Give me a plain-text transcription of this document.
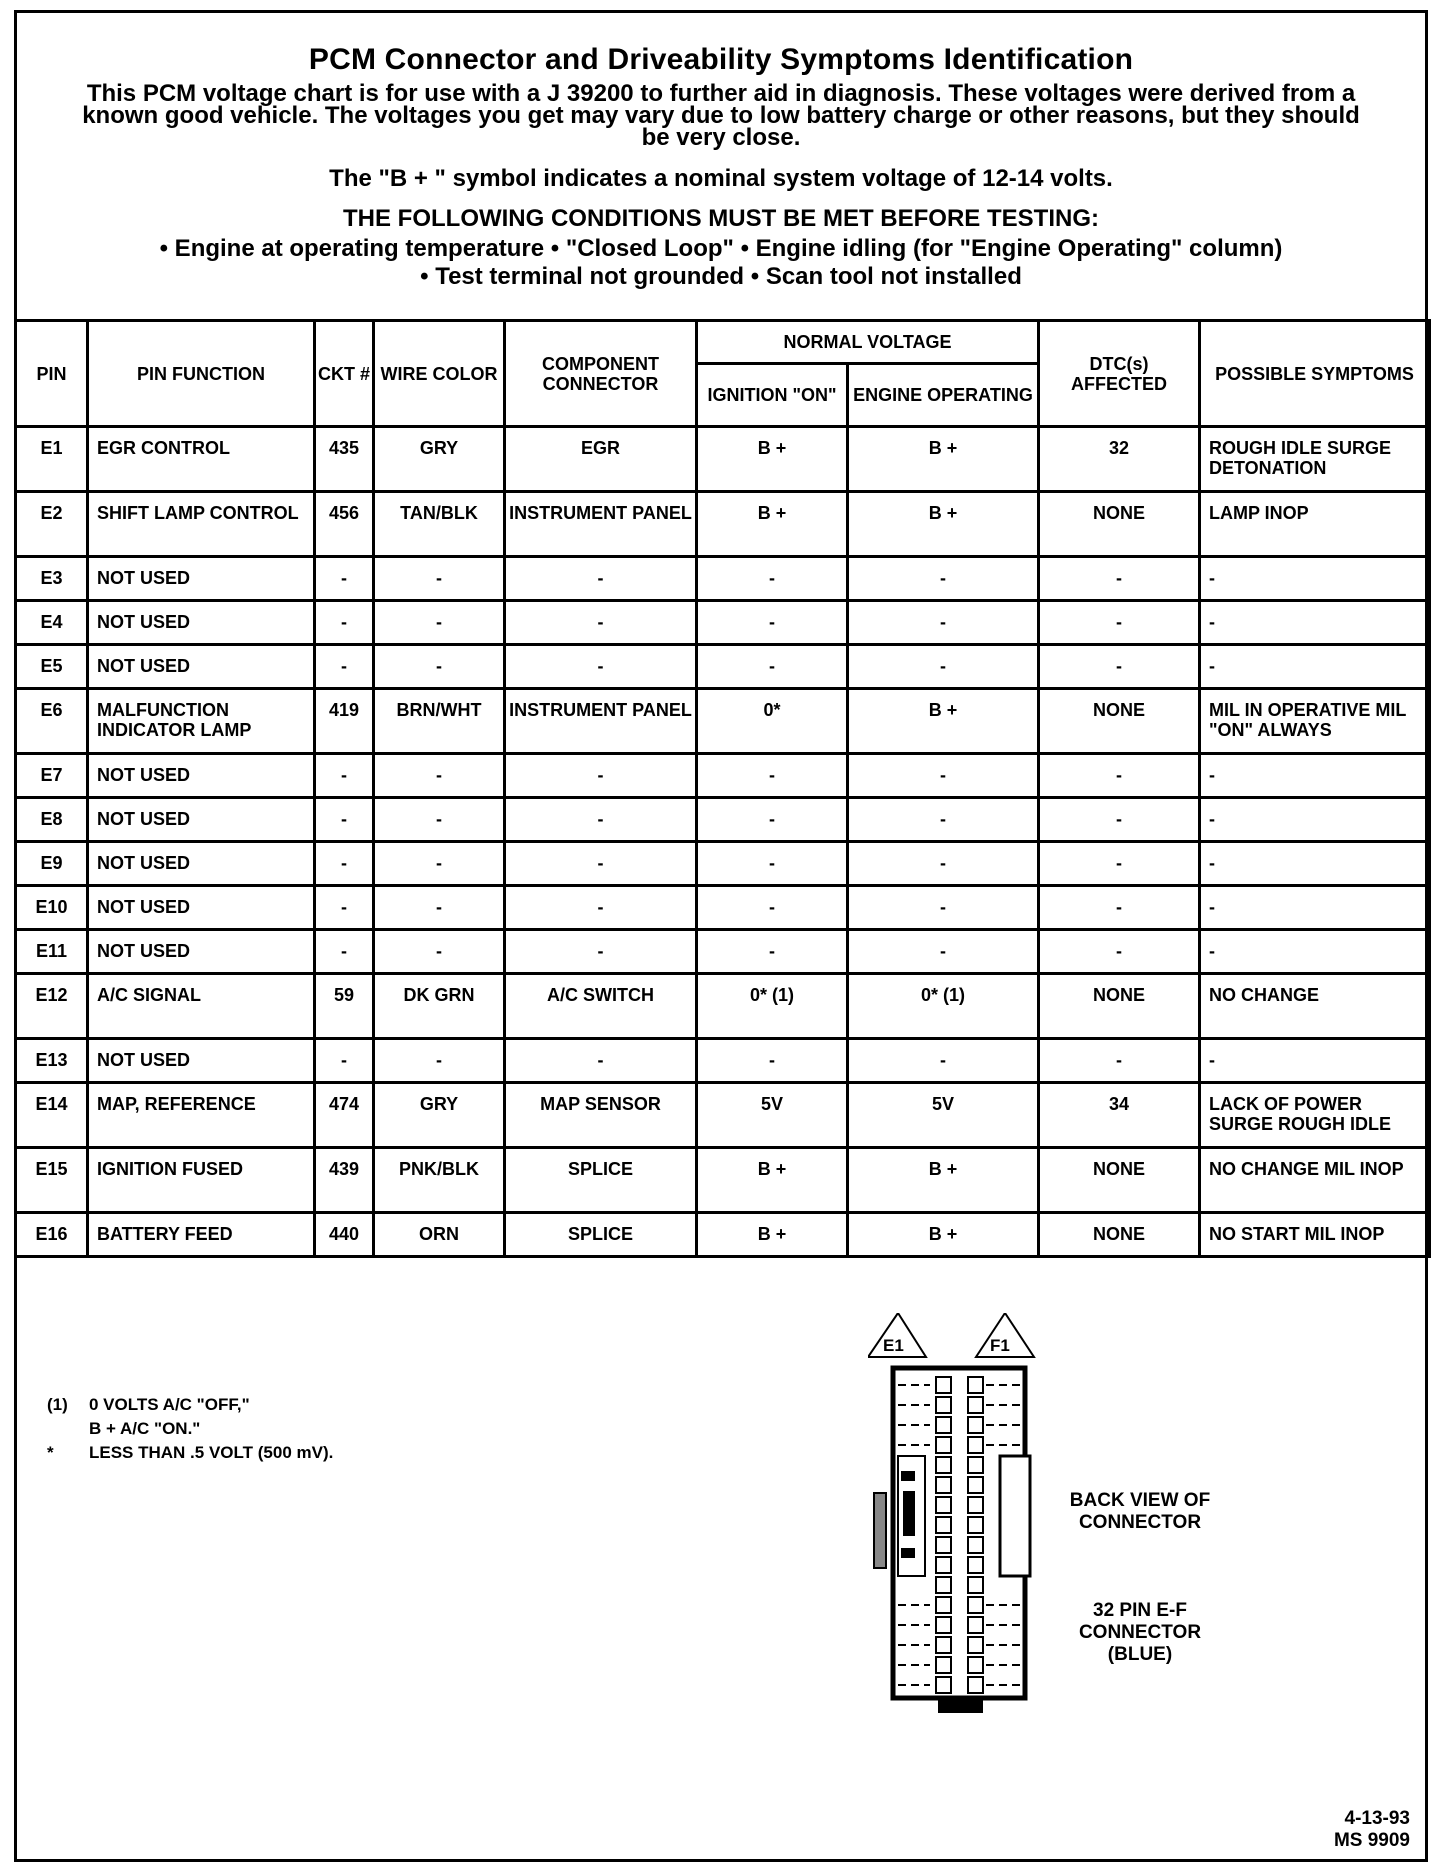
PCM Connector and Driveability Symptoms Identification
This PCM voltage chart is for use with a J 39200 to further aid in diagnosis. These voltages were derived from a known good vehicle. The voltages you get may vary due to low battery charge or other reasons, but they should be very close.
The "B + " symbol indicates a nominal system voltage of 12-14 volts.
THE FOLLOWING CONDITIONS MUST BE MET BEFORE TESTING:
• Engine at operating temperature • "Closed Loop" • Engine idling (for "Engine Operating" column)
• Test terminal not grounded • Scan tool not installed
PIN	PIN FUNCTION	CKT #	WIRE COLOR	COMPONENT CONNECTOR	NORMAL VOLTAGE		DTC(s) AFFECTED	POSSIBLE SYMPTOMS
					IGNITION "ON"	ENGINE OPERATING		
E1	EGR CONTROL	435	GRY	EGR	B +	B +	32	ROUGH IDLE SURGE DETONATION
E2	SHIFT LAMP CONTROL	456	TAN/BLK	INSTRUMENT PANEL	B +	B +	NONE	LAMP INOP
E3	NOT USED	-	-	-	-	-	-	-
E4	NOT USED	-	-	-	-	-	-	-
E5	NOT USED	-	-	-	-	-	-	-
E6	MALFUNCTION INDICATOR LAMP	419	BRN/WHT	INSTRUMENT PANEL	0*	B +	NONE	MIL IN OPERATIVE MIL "ON" ALWAYS
E7	NOT USED	-	-	-	-	-	-	-
E8	NOT USED	-	-	-	-	-	-	-
E9	NOT USED	-	-	-	-	-	-	-
E10	NOT USED	-	-	-	-	-	-	-
E11	NOT USED	-	-	-	-	-	-	-
E12	A/C SIGNAL	59	DK GRN	A/C SWITCH	0* (1)	0* (1)	NONE	NO CHANGE
E13	NOT USED	-	-	-	-	-	-	-
E14	MAP, REFERENCE	474	GRY	MAP SENSOR	5V	5V	34	LACK OF POWER SURGE ROUGH IDLE
E15	IGNITION FUSED	439	PNK/BLK	SPLICE	B +	B +	NONE	NO CHANGE MIL INOP
E16	BATTERY FEED	440	ORN	SPLICE	B +	B +	NONE	NO START MIL INOP
(1)	0 VOLTS A/C "OFF,"
B + A/C "ON."
*	LESS THAN .5 VOLT (500 mV).
E1	F1
BACK VIEW OF CONNECTOR
32 PIN E-F CONNECTOR (BLUE)
4-13-93
MS 9909
